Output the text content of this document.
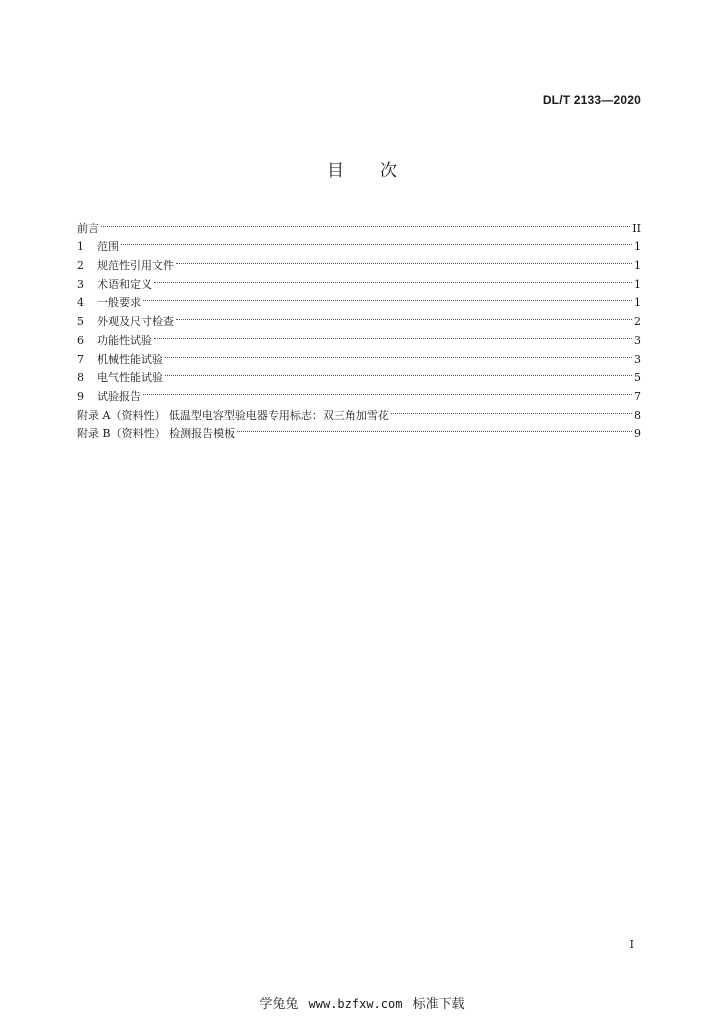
DL/T 2133—2020
目次
前言	II
1	范围	1
2	规范性引用文件	1
3	术语和定义	1
4	一般要求	1
5	外观及尺寸检查	2
6	功能性试验	3
7	机械性能试验	3
8	电气性能试验	5
9	试验报告	7
附录 A（资料性） 低温型电容型验电器专用标志：双三角加雪花	8
附录 B（资料性） 检测报告模板	9
I
学兔兔 www.bzfxw.com 标准下载
